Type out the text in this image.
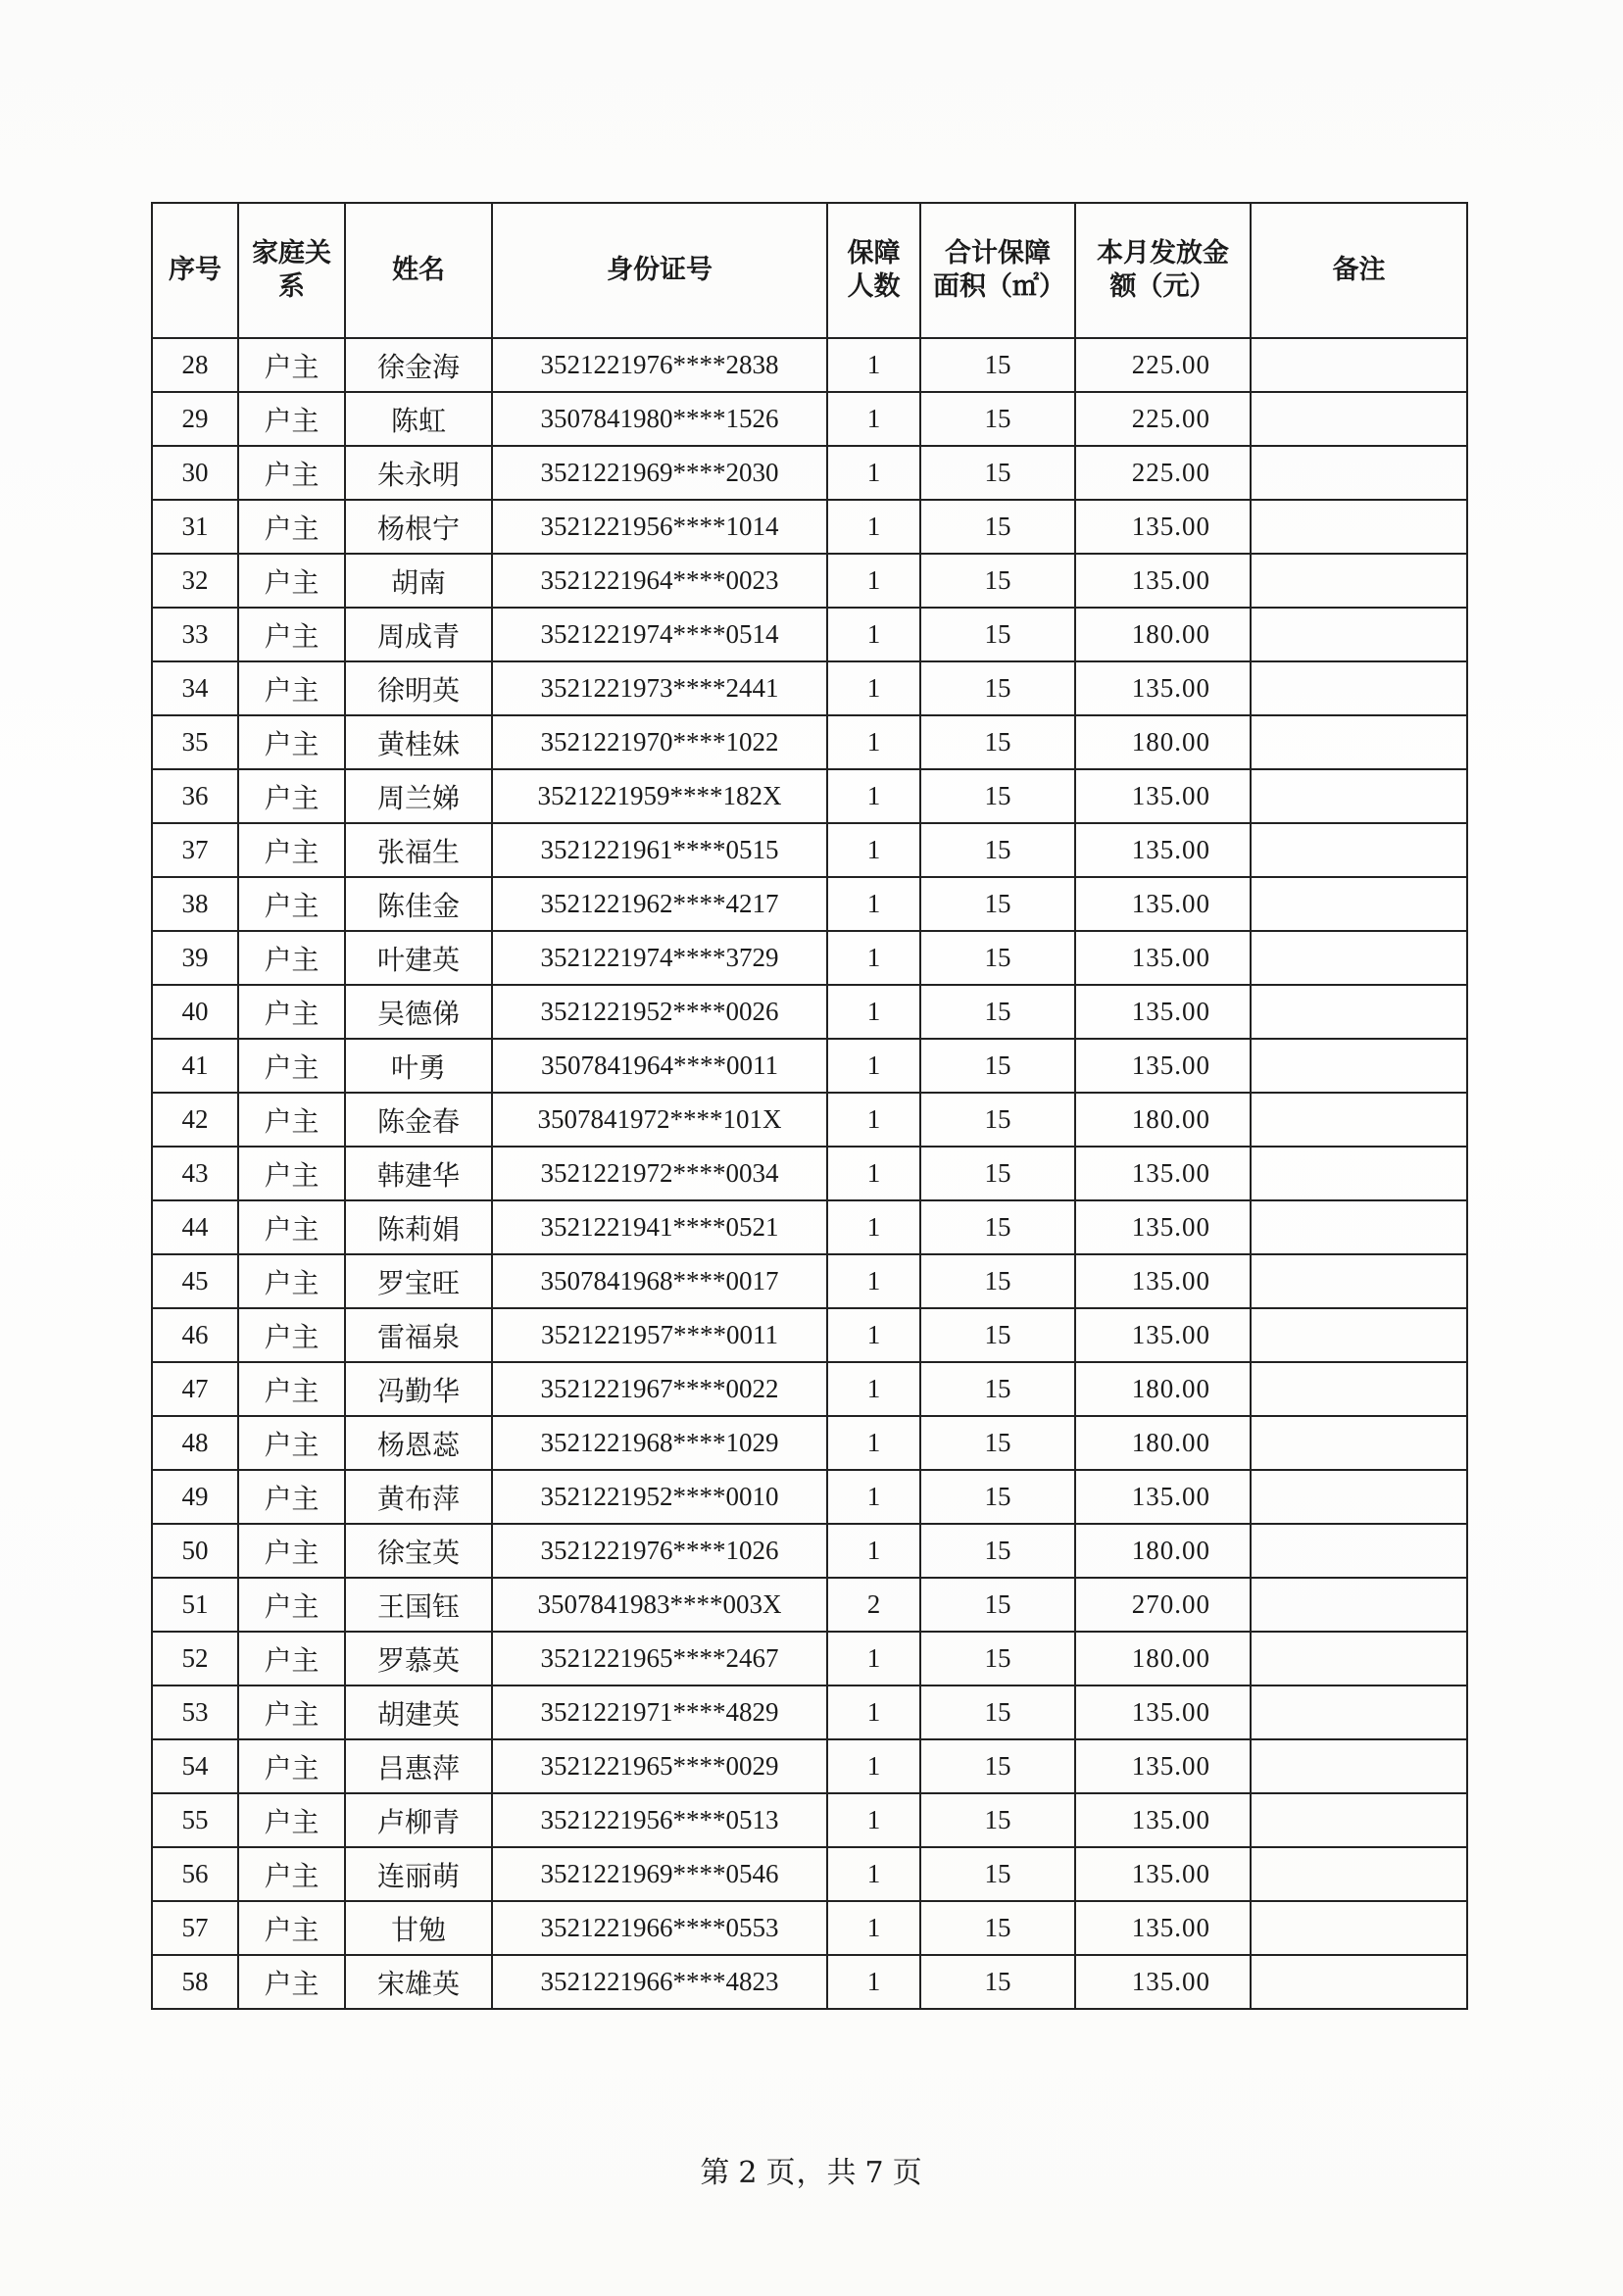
序号	家庭关系	姓名	身份证号	保障人数	合计保障面积（㎡）	本月发放金额（元）	备注
28	户主	徐金海	3521221976****2838	1	15	225.00	
29	户主	陈虹	3507841980****1526	1	15	225.00	
30	户主	朱永明	3521221969****2030	1	15	225.00	
31	户主	杨根宁	3521221956****1014	1	15	135.00	
32	户主	胡南	3521221964****0023	1	15	135.00	
33	户主	周成青	3521221974****0514	1	15	180.00	
34	户主	徐明英	3521221973****2441	1	15	135.00	
35	户主	黄桂妹	3521221970****1022	1	15	180.00	
36	户主	周兰娣	3521221959****182X	1	15	135.00	
37	户主	张福生	3521221961****0515	1	15	135.00	
38	户主	陈佳金	3521221962****4217	1	15	135.00	
39	户主	叶建英	3521221974****3729	1	15	135.00	
40	户主	吴德俤	3521221952****0026	1	15	135.00	
41	户主	叶勇	3507841964****0011	1	15	135.00	
42	户主	陈金春	3507841972****101X	1	15	180.00	
43	户主	韩建华	3521221972****0034	1	15	135.00	
44	户主	陈莉娟	3521221941****0521	1	15	135.00	
45	户主	罗宝旺	3507841968****0017	1	15	135.00	
46	户主	雷福泉	3521221957****0011	1	15	135.00	
47	户主	冯勤华	3521221967****0022	1	15	180.00	
48	户主	杨恩蕊	3521221968****1029	1	15	180.00	
49	户主	黄布萍	3521221952****0010	1	15	135.00	
50	户主	徐宝英	3521221976****1026	1	15	180.00	
51	户主	王国钰	3507841983****003X	2	15	270.00	
52	户主	罗慕英	3521221965****2467	1	15	180.00	
53	户主	胡建英	3521221971****4829	1	15	135.00	
54	户主	吕惠萍	3521221965****0029	1	15	135.00	
55	户主	卢柳青	3521221956****0513	1	15	135.00	
56	户主	连丽萌	3521221969****0546	1	15	135.00	
57	户主	甘勉	3521221966****0553	1	15	135.00	
58	户主	宋雄英	3521221966****4823	1	15	135.00	
第 2 页，共 7 页
